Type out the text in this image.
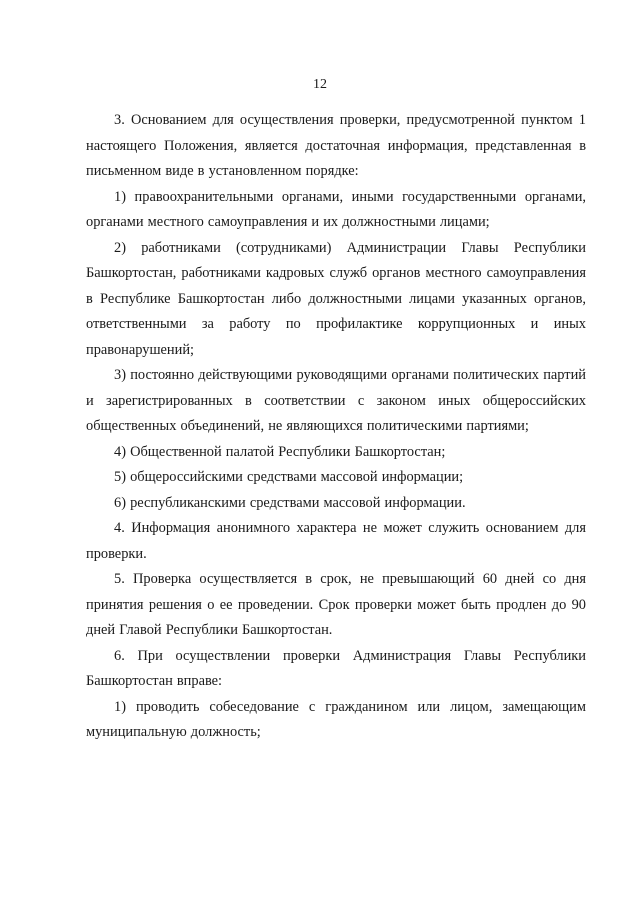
12

3. Основанием для осуществления проверки, предусмотренной пунктом 1 настоящего Положения, является достаточная информация, представленная в письменном виде в установленном порядке:

1) правоохранительными органами, иными государственными органами, органами местного самоуправления и их должностными лицами;

2) работниками (сотрудниками) Администрации Главы Республики Башкортостан, работниками кадровых служб органов местного самоуправления в Республике Башкортостан либо должностными лицами указанных органов, ответственными за работу по профилактике коррупционных и иных правонарушений;

3) постоянно действующими руководящими органами политических партий и зарегистрированных в соответствии с законом иных общероссийских общественных объединений, не являющихся политическими партиями;

4) Общественной палатой Республики Башкортостан;

5) общероссийскими средствами массовой информации;

6) республиканскими средствами массовой информации.

4. Информация анонимного характера не может служить основанием для проверки.

5. Проверка осуществляется в срок, не превышающий 60 дней со дня принятия решения о ее проведении. Срок проверки может быть продлен до 90 дней Главой Республики Башкортостан.

6. При осуществлении проверки Администрация Главы Республики Башкортостан вправе:

1) проводить собеседование с гражданином или лицом, замещающим муниципальную должность;
